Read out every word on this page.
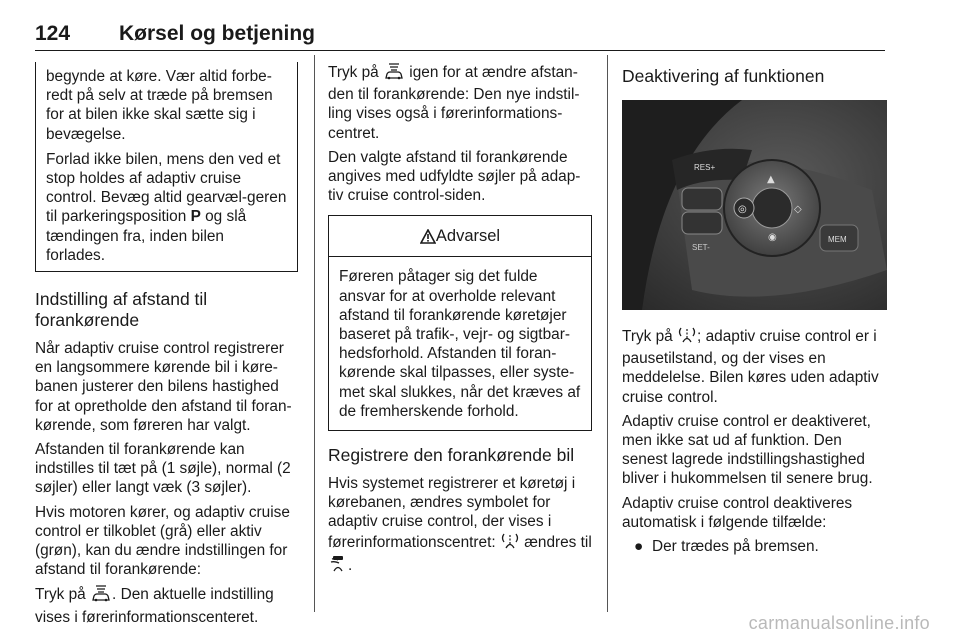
124 Kørsel og betjening

begynde at køre. Vær altid forbe-redt på selv at træde på bremsen for at bilen ikke skal sætte sig i bevægelse.

Forlad ikke bilen, mens den ved et stop holdes af adaptiv cruise control. Bevæg altid gearvæl-geren til parkeringsposition P og slå tændingen fra, inden bilen forlades.

Indstilling af afstand til forankørende

Når adaptiv cruise control registrerer en langsommere kørende bil i køre-banen justerer den bilens hastighed for at opretholde den afstand til foran-kørende, som føreren har valgt.

Afstanden til forankørende kan indstilles til tæt på (1 søjle), normal (2 søjler) eller langt væk (3 søjler).

Hvis motoren kører, og adaptiv cruise control er tilkoblet (grå) eller aktiv (grøn), kan du ændre indstillingen for afstand til forankørende:

Tryk på . Den aktuelle indstilling vises i førerinformationscenteret.

Tryk på  igen for at ændre afstan-den til forankørende: Den nye indstil-ling vises også i førerinformations-centret.

Den valgte afstand til forankørende angives med udfyldte søjler på adap-tiv cruise control-siden.

Advarsel

Føreren påtager sig det fulde ansvar for at overholde relevant afstand til forankørende køretøjer baseret på trafik-, vejr- og sigtbar-hedsforhold. Afstanden til foran-kørende skal tilpasses, eller syste-met skal slukkes, når det kræves af de fremherskende forhold.

Registrere den forankørende bil

Hvis systemet registrerer et køretøj i kørebanen, ændres symbolet for adaptiv cruise control, der vises i førerinformationscentret:  ændres til .

Deaktivering af funktionen
RES+
SET-
◎
▲
◇
◉	MEM

Tryk på ; adaptiv cruise control er i pausetilstand, og der vises en meddelelse. Bilen køres uden adaptiv cruise control.

Adaptiv cruise control er deaktiveret, men ikke sat ud af funktion. Den senest lagrede indstillingshastighed bliver i hukommelsen til senere brug.

Adaptiv cruise control deaktiveres automatisk i følgende tilfælde:

● Der trædes på bremsen.
carmanualsonline.info
